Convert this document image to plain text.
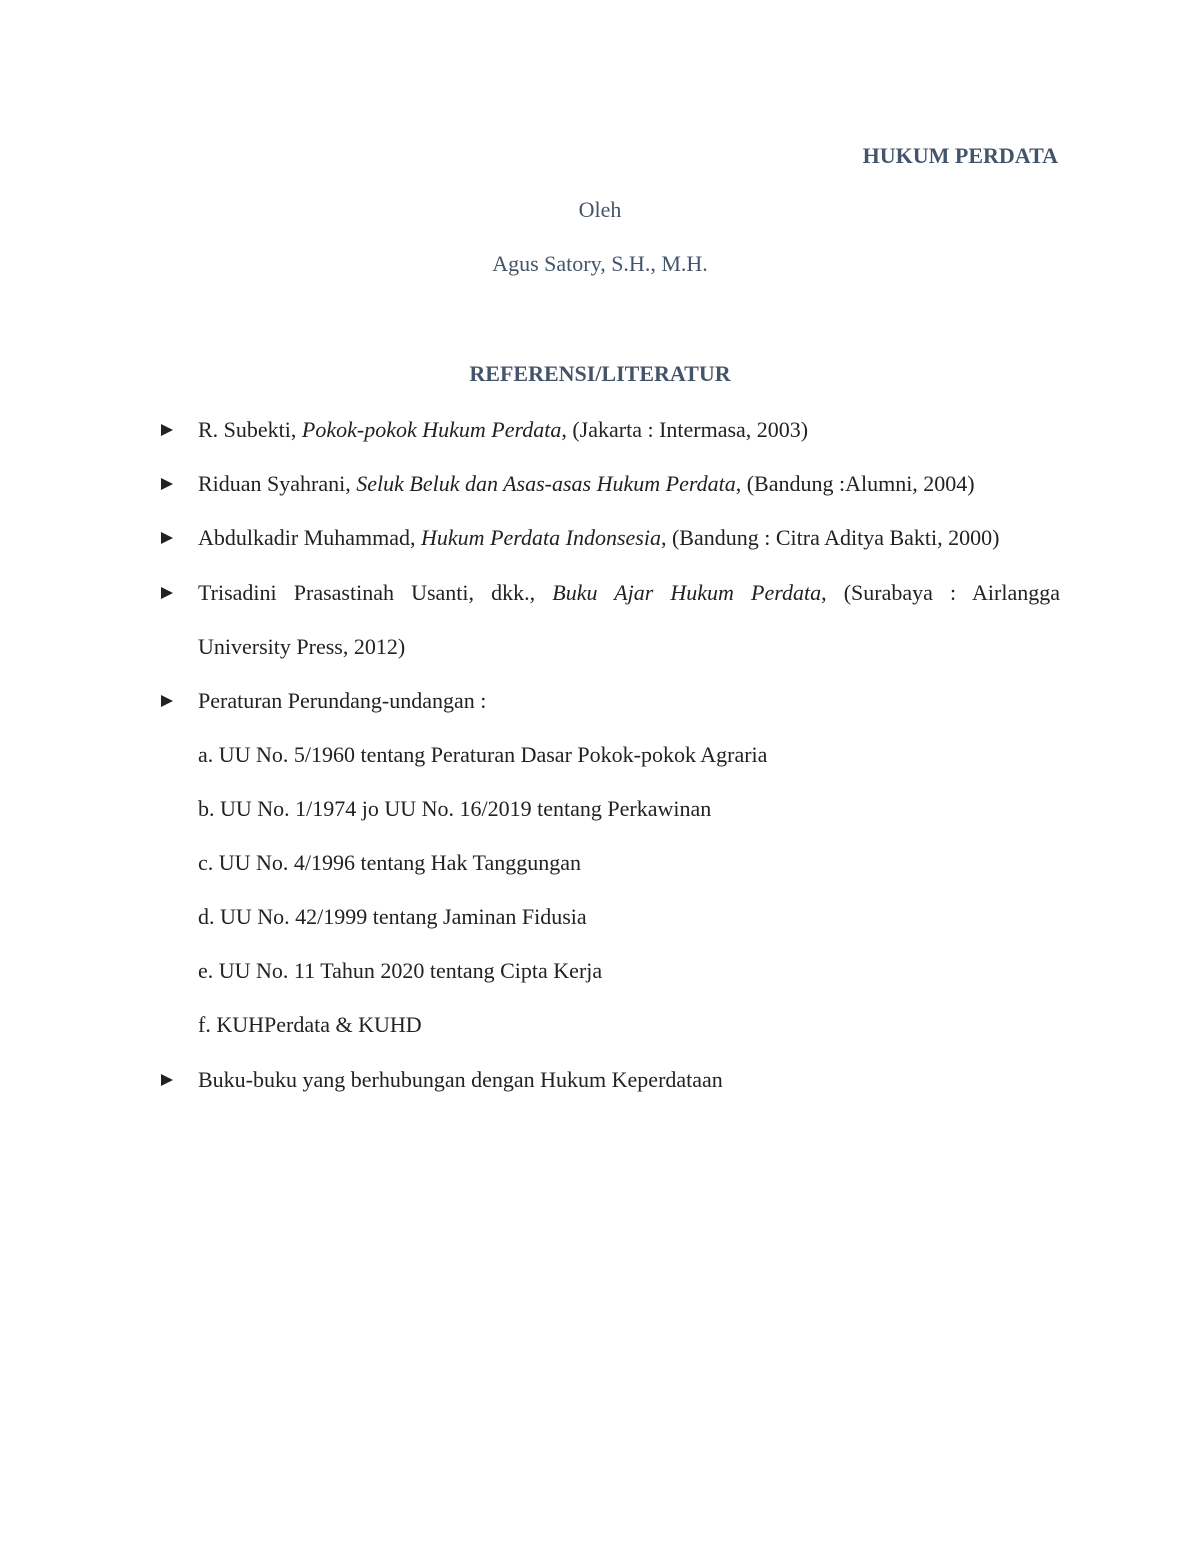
HUKUM PERDATA
Oleh
Agus Satory, S.H., M.H.
REFERENSI/LITERATUR
R. Subekti, Pokok-pokok Hukum Perdata, (Jakarta : Intermasa, 2003)
Riduan Syahrani, Seluk Beluk dan Asas-asas Hukum Perdata, (Bandung :Alumni, 2004)
Abdulkadir Muhammad, Hukum Perdata Indonsesia, (Bandung : Citra Aditya Bakti, 2000)
Trisadini Prasastinah Usanti, dkk., Buku Ajar Hukum Perdata, (Surabaya : Airlangga
University Press, 2012)
Peraturan Perundang-undangan :
a. UU No. 5/1960 tentang Peraturan Dasar Pokok-pokok Agraria
b. UU No. 1/1974 jo UU No. 16/2019 tentang Perkawinan
c. UU No. 4/1996 tentang Hak Tanggungan
d. UU No. 42/1999 tentang Jaminan Fidusia
e. UU No. 11 Tahun 2020 tentang Cipta Kerja
f. KUHPerdata & KUHD
Buku-buku yang berhubungan dengan Hukum Keperdataan
